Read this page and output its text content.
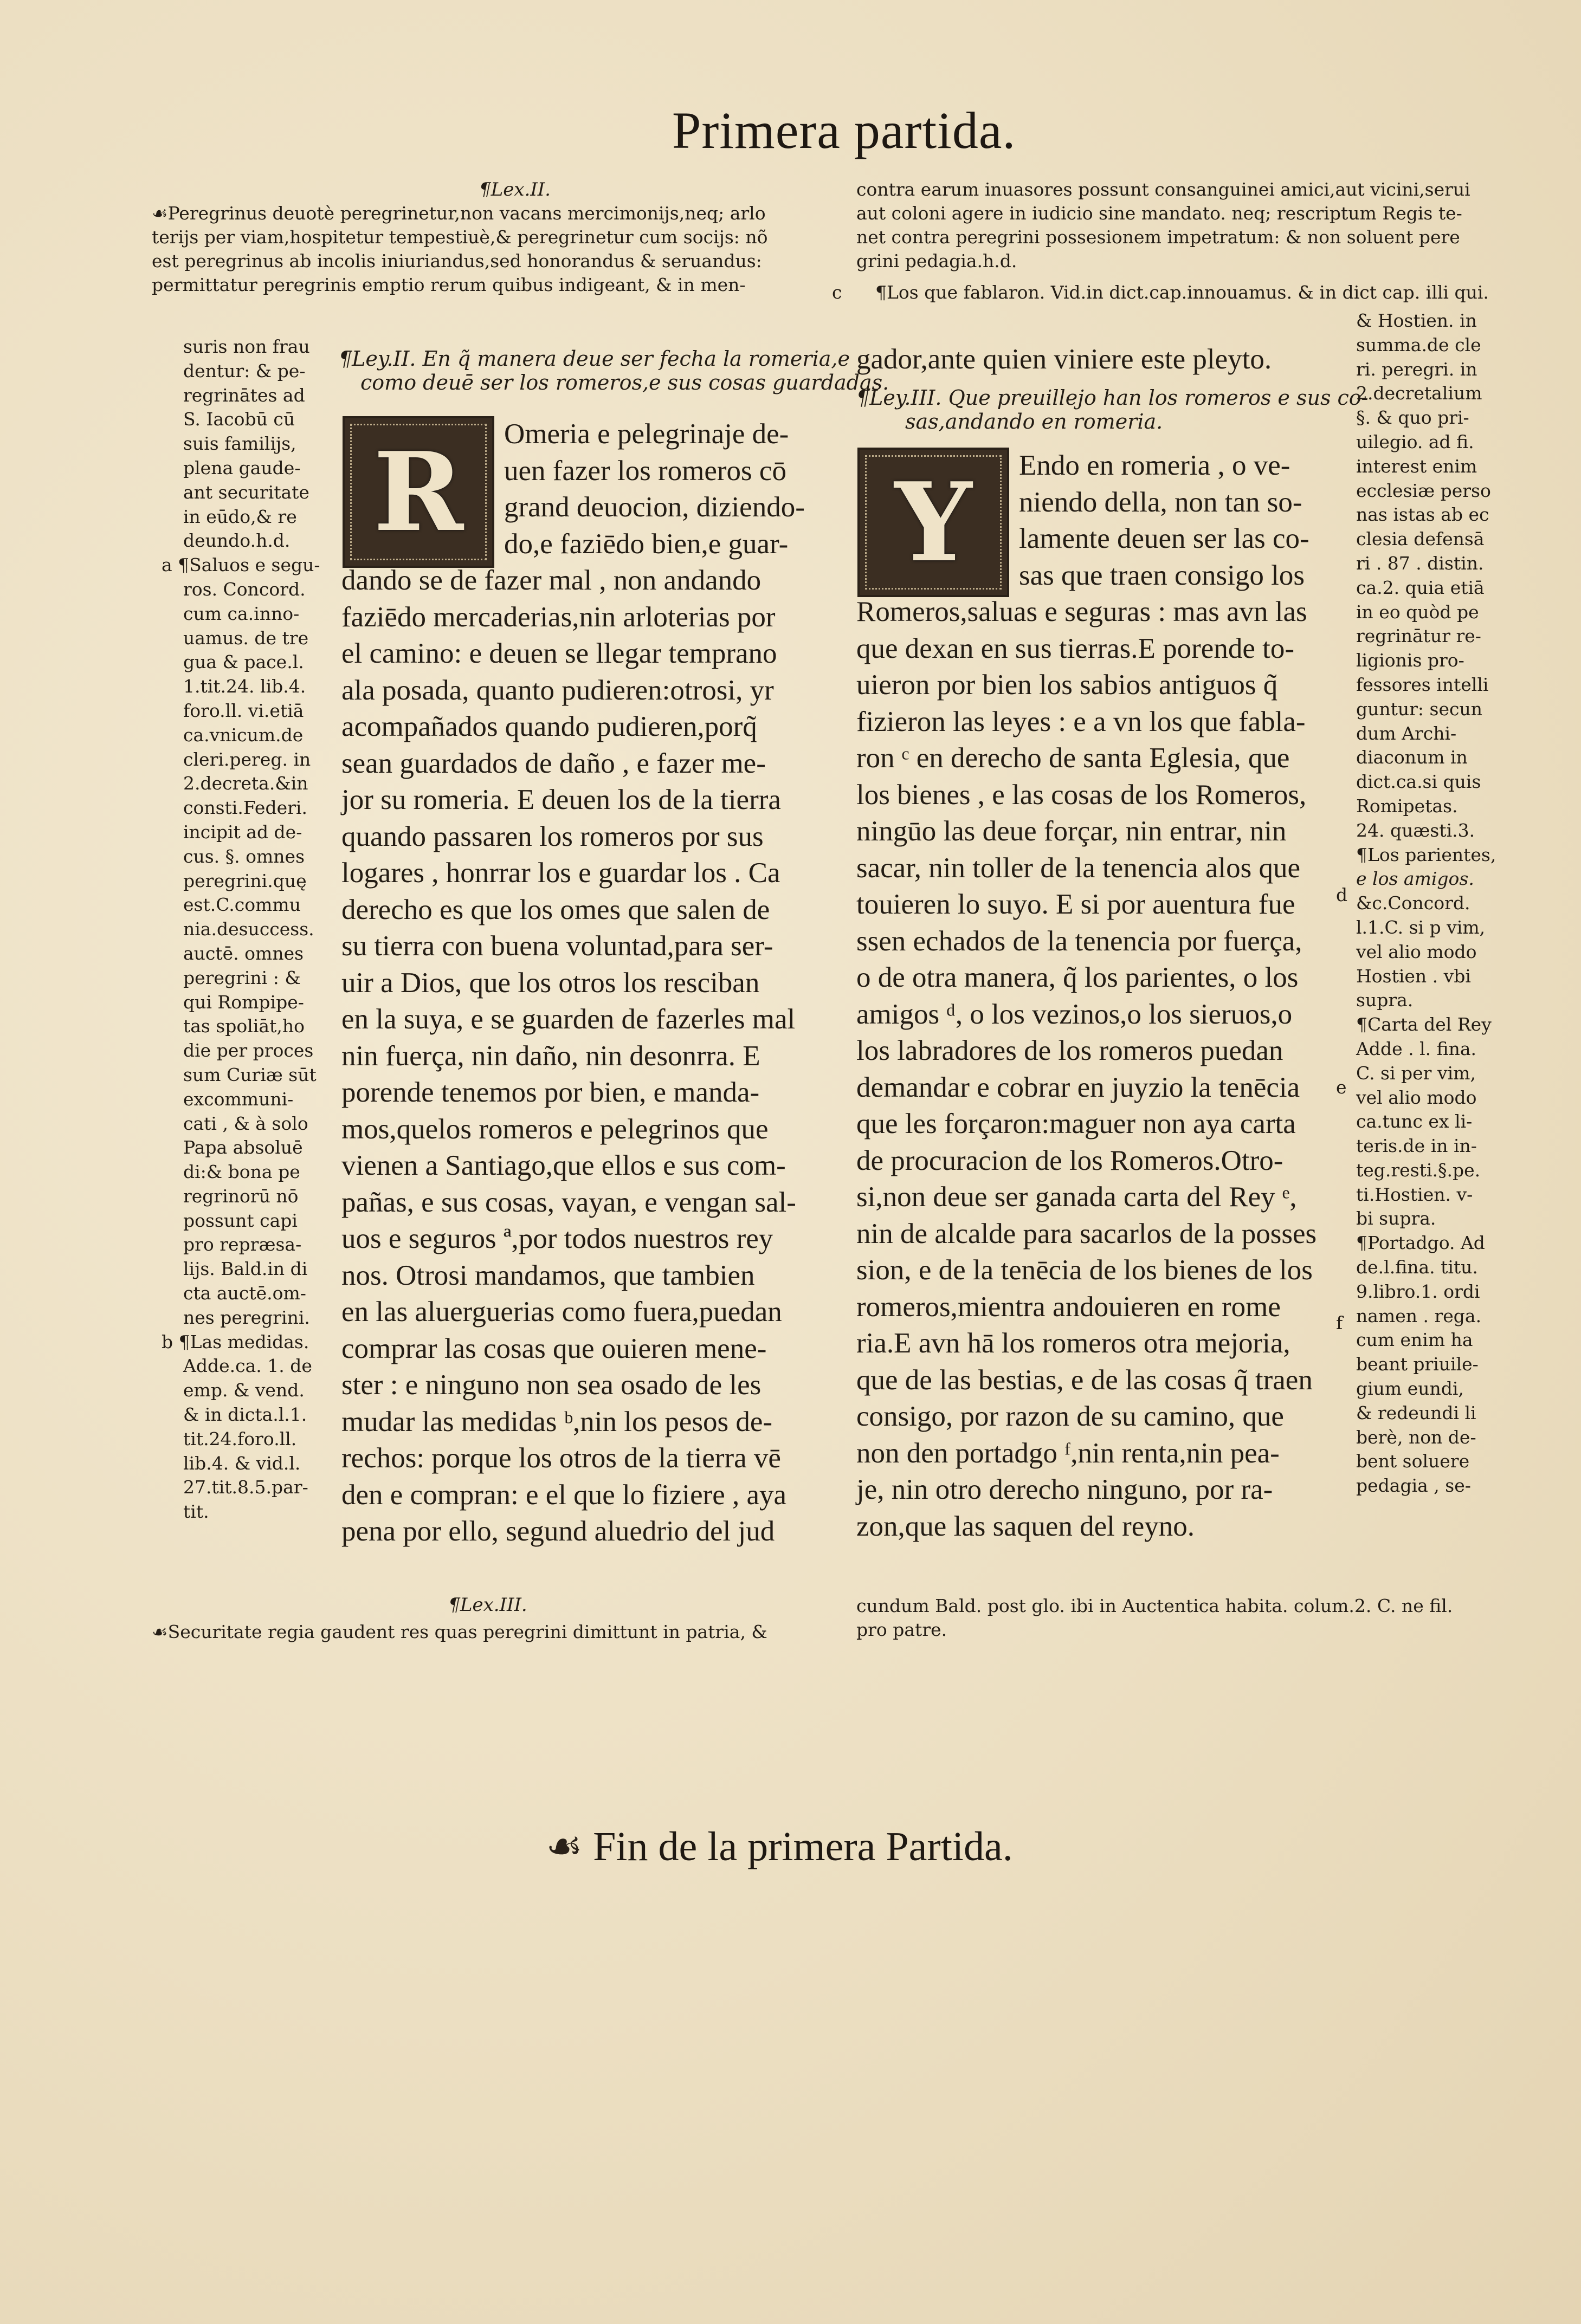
Primera partida.
¶Lex.II.
☙Peregrinus deuotè peregrinetur,non vacans mercimonijs,neq; arlo
terijs per viam,hospitetur tempestiuè,& peregrinetur cum socijs: nõ
est peregrinus ab incolis iniuriandus,sed honorandus & seruandus:
permittatur peregrinis emptio rerum quibus indigeant, & in men-
contra earum inuasores possunt consanguinei amici,aut vicini,serui
aut coloni agere in iudicio sine mandato. neq; rescriptum Regis te-
net contra peregrini possesionem impetratum: & non soluent pere
grini pedagia.h.d.
c ¶Los que fablaron. Vid.in dict.cap.innouamus. & in dict cap. illi qui.
suris non frau
dentur: & pe-
regrinātes ad
S. Iacobū cū
suis familijs,
plena gaude-
ant securitate
in eūdo,& re
deundo.h.d.
a ¶Saluos e segu-
ros. Concord.
cum ca.inno-
uamus. de tre
gua & pace.l.
1.tit.24. lib.4.
foro.ll. vi.etiā
ca.vnicum.de
cleri.pereg. in
2.decreta.&in
consti.Federi.
incipit ad de-
cus. §. omnes
peregrini.quę
est.C.commu
nia.desuccess.
auctē. omnes
peregrini : &
qui Rompipe-
tas spoliāt,ho
die per proces
sum Curiæ sūt
excommuni-
cati , & à solo
Papa absoluē
di:& bona pe
regrinorū nō
possunt capi
pro repræsa-
lijs. Bald.in di
cta auctē.om-
nes peregrini.
b ¶Las medidas.
Adde.ca. 1. de
emp. & vend.
& in dicta.l.1.
tit.24.foro.ll.
lib.4. & vid.l.
27.tit.8.5.par-
tit.
¶Ley.II. En q̃ manera deue ser fecha la romeria,e
como deuē ser los romeros,e sus cosas guardadas.
R Omeria e pelegrinaje de-
uen fazer los romeros cō
grand deuocion, diziendo-
do,e faziēdo bien,e guar-
dando se de fazer mal , non andando
faziēdo mercaderias,nin arloterias por
el camino: e deuen se llegar temprano
ala posada, quanto pudieren:otrosi, yr
acompañados quando pudieren,porq̃
sean guardados de daño , e fazer me-
jor su romeria. E deuen los de la tierra
quando passaren los romeros por sus
logares , honrrar los e guardar los . Ca
derecho es que los omes que salen de
su tierra con buena voluntad,para ser-
uir a Dios, que los otros los resciban
en la suya, e se guarden de fazerles mal
nin fuerça, nin daño, nin desonrra. E
porende tenemos por bien, e manda-
mos,quelos romeros e pelegrinos que
vienen a Santiago,que ellos e sus com-
pañas, e sus cosas, vayan, e vengan sal-
uos e seguros ª,por todos nuestros rey
nos. Otrosi mandamos, que tambien
en las aluerguerias como fuera,puedan
comprar las cosas que ouieren mene-
ster : e ninguno non sea osado de les
mudar las medidas ᵇ,nin los pesos de-
rechos: porque los otros de la tierra vē
den e compran: e el que lo fiziere , aya
pena por ello, segund aluedrio del jud
gador,ante quien viniere este pleyto.
¶Ley.III. Que preuillejo han los romeros e sus co-
sas,andando en romeria.
Y Endo en romeria , o ve-
niendo della, non tan so-
lamente deuen ser las co-
sas que traen consigo los
Romeros,saluas e seguras : mas avn las
que dexan en sus tierras.E porende to-
uieron por bien los sabios antiguos q̃
fizieron las leyes : e a vn los que fabla-
ron ᶜ en derecho de santa Eglesia, que
los bienes , e las cosas de los Romeros,
ningūo las deue forçar, nin entrar, nin
sacar, nin toller de la tenencia alos que
touieren lo suyo. E si por auentura fue
ssen echados de la tenencia por fuerça,
o de otra manera, q̃ los parientes, o los
amigos ᵈ, o los vezinos,o los sieruos,o
los labradores de los romeros puedan
demandar e cobrar en juyzio la tenēcia
que les forçaron:maguer non aya carta
de procuracion de los Romeros.Otro-
si,non deue ser ganada carta del Rey ᵉ,
nin de alcalde para sacarlos de la posses
sion, e de la tenēcia de los bienes de los
romeros,mientra andouieren en rome
ria.E avn hā los romeros otra mejoria,
que de las bestias, e de las cosas q̃ traen
consigo, por razon de su camino, que
non den portadgo ᶠ,nin renta,nin pea-
je, nin otro derecho ninguno, por ra-
zon,que las saquen del reyno.
d
e
f
& Hostien. in
summa.de cle
ri. peregri. in
2.decretalium
§. & quo pri-
uilegio. ad fi.
interest enim
ecclesiæ perso
nas istas ab ec
clesia defensā
ri . 87 . distin.
ca.2. quia etiā
in eo quòd pe
regrinātur re-
ligionis pro-
fessores intelli
guntur: secun
dum Archi-
diaconum in
dict.ca.si quis
Romipetas.
24. quæsti.3.
¶Los parientes,
e los amigos.
&c.Concord.
l.1.C. si p vim,
vel alio modo
Hostien . vbi
supra.
¶Carta del Rey
Adde . l. fina.
C. si per vim,
vel alio modo
ca.tunc ex li-
teris.de in in-
teg.resti.§.pe.
ti.Hostien. v-
bi supra.
¶Portadgo. Ad
de.l.fina. titu.
9.libro.1. ordi
namen . rega.
cum enim ha
beant priuile-
gium eundi,
& redeundi li
berè, non de-
bent soluere
pedagia , se-
¶Lex.III.
☙Securitate regia gaudent res quas peregrini dimittunt in patria, &
cundum Bald. post glo. ibi in Auctentica habita. colum.2. C. ne fil.
pro patre.
☙ Fin de la primera Partida.
